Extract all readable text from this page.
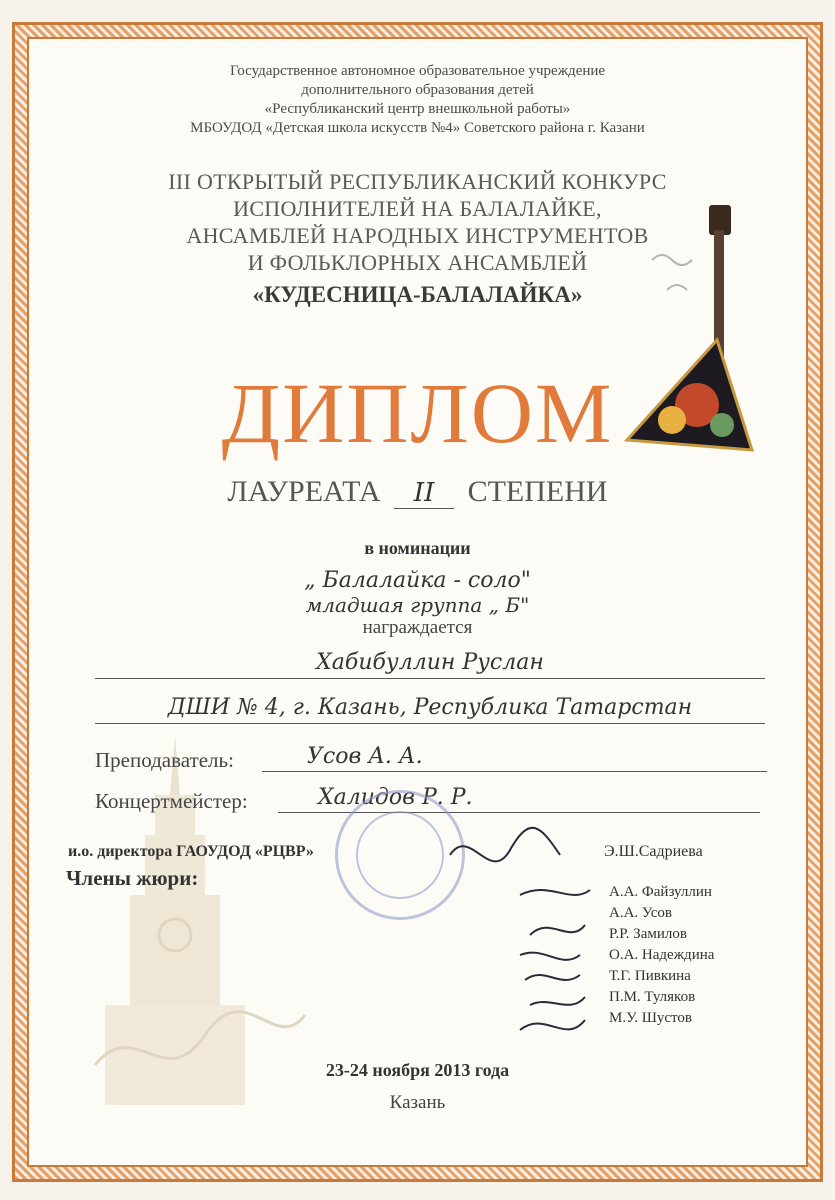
Государственное автономное образовательное учреждение
дополнительного образования детей
«Республиканский центр внешкольной работы»
МБОУДОД «Детская школа искусств №4» Советского района г. Казани
III ОТКРЫТЫЙ РЕСПУБЛИКАНСКИЙ КОНКУРС
ИСПОЛНИТЕЛЕЙ НА БАЛАЛАЙКЕ,
АНСАМБЛЕЙ НАРОДНЫХ ИНСТРУМЕНТОВ
И ФОЛЬКЛОРНЫХ АНСАМБЛЕЙ
«КУДЕСНИЦА-БАЛАЛАЙКА»
ДИПЛОМ
ЛАУРЕАТА II СТЕПЕНИ
в номинации
„ Балалайка - соло"
младшая группа „ Б"
награждается
Хабибуллин Руслан
ДШИ № 4, г. Казань, Республика Татарстан
Преподаватель:	Усов А. А.
Концертмейстер:	Халидов Р. Р.
и.о. директора ГАОУДОД «РЦВР»	Э.Ш.Садриева
Члены жюри:
А.А. Файзуллин
А.А. Усов
Р.Р. Замилов
О.А. Надеждина
Т.Г. Пивкина
П.М. Туляков
М.У. Шустов
23-24 ноября 2013 года
Казань
